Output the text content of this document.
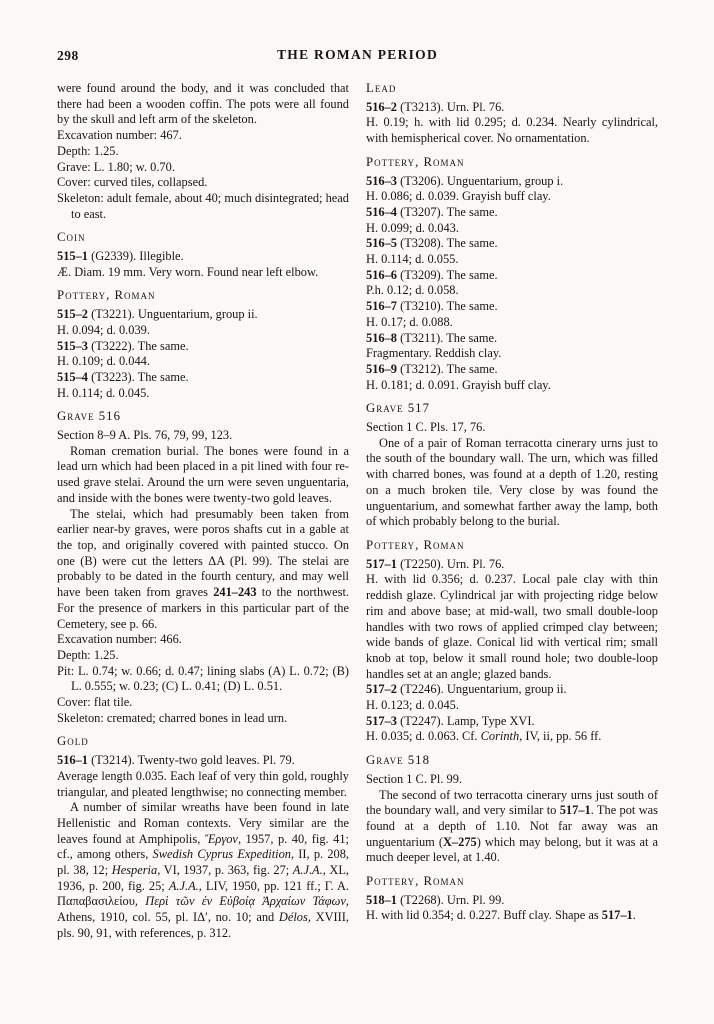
298	THE ROMAN PERIOD
were found around the body, and it was concluded that there had been a wooden coffin. The pots were all found by the skull and left arm of the skeleton.
Excavation number: 467.
Depth: 1.25.
Grave: L. 1.80; w. 0.70.
Cover: curved tiles, collapsed.
Skeleton: adult female, about 40; much disintegrated; head to east.
Coin
515–1 (G2339). Illegible.
Æ. Diam. 19 mm. Very worn. Found near left elbow.
Pottery, Roman
515–2 (T3221). Unguentarium, group ii.
H. 0.094; d. 0.039.
515–3 (T3222). The same.
H. 0.109; d. 0.044.
515–4 (T3223). The same.
H. 0.114; d. 0.045.
Grave 516
Section 8–9 A. Pls. 76, 79, 99, 123.
Roman cremation burial. The bones were found in a lead urn which had been placed in a pit lined with four re-used grave stelai. Around the urn were seven unguentaria, and inside with the bones were twenty-two gold leaves.
The stelai, which had presumably been taken from earlier near-by graves, were poros shafts cut in a gable at the top, and originally covered with painted stucco. On one (B) were cut the letters ΔΑ (Pl. 99). The stelai are probably to be dated in the fourth century, and may well have been taken from graves 241–243 to the northwest. For the presence of markers in this particular part of the Cemetery, see p. 66.
Excavation number: 466.
Depth: 1.25.
Pit: L. 0.74; w. 0.66; d. 0.47; lining slabs (A) L. 0.72; (B) L. 0.555; w. 0.23; (C) L. 0.41; (D) L. 0.51.
Cover: flat tile.
Skeleton: cremated; charred bones in lead urn.
Gold
516–1 (T3214). Twenty-two gold leaves. Pl. 79.
Average length 0.035. Each leaf of very thin gold, roughly triangular, and pleated lengthwise; no connecting member.
A number of similar wreaths have been found in late Hellenistic and Roman contexts. Very similar are the leaves found at Amphipolis, Ἔργον, 1957, p. 40, fig. 41; cf., among others, Swedish Cyprus Expedition, II, p. 208, pl. 38, 12; Hesperia, VI, 1937, p. 363, fig. 27; A.J.A., XL, 1936, p. 200, fig. 25; A.J.A., LIV, 1950, pp. 121 ff.; Γ. Α. Παπαβασιλείου, Περὶ τῶν ἐν Εὐβοίᾳ Ἀρχαίων Τάφων, Athens, 1910, col. 55, pl. ΙΔ′, no. 10; and Délos, XVIII, pls. 90, 91, with references, p. 312.
Lead
516–2 (T3213). Urn. Pl. 76.
H. 0.19; h. with lid 0.295; d. 0.234. Nearly cylindrical, with hemispherical cover. No ornamentation.
Pottery, Roman
516–3 (T3206). Unguentarium, group i.
H. 0.086; d. 0.039. Grayish buff clay.
516–4 (T3207). The same.
H. 0.099; d. 0.043.
516–5 (T3208). The same.
H. 0.114; d. 0.055.
516–6 (T3209). The same.
P.h. 0.12; d. 0.058.
516–7 (T3210). The same.
H. 0.17; d. 0.088.
516–8 (T3211). The same.
Fragmentary. Reddish clay.
516–9 (T3212). The same.
H. 0.181; d. 0.091. Grayish buff clay.
Grave 517
Section 1 C. Pls. 17, 76.
One of a pair of Roman terracotta cinerary urns just to the south of the boundary wall. The urn, which was filled with charred bones, was found at a depth of 1.20, resting on a much broken tile. Very close by was found the unguentarium, and somewhat farther away the lamp, both of which probably belong to the burial.
Pottery, Roman
517–1 (T2250). Urn. Pl. 76.
H. with lid 0.356; d. 0.237. Local pale clay with thin reddish glaze. Cylindrical jar with projecting ridge below rim and above base; at mid-wall, two small double-loop handles with two rows of applied crimped clay between; wide bands of glaze. Conical lid with vertical rim; small knob at top, below it small round hole; two double-loop handles set at an angle; glazed bands.
517–2 (T2246). Unguentarium, group ii.
H. 0.123; d. 0.045.
517–3 (T2247). Lamp, Type XVI.
H. 0.035; d. 0.063. Cf. Corinth, IV, ii, pp. 56 ff.
Grave 518
Section 1 C. Pl. 99.
The second of two terracotta cinerary urns just south of the boundary wall, and very similar to 517–1. The pot was found at a depth of 1.10. Not far away was an unguentarium (X–275) which may belong, but it was at a much deeper level, at 1.40.
Pottery, Roman
518–1 (T2268). Urn. Pl. 99.
H. with lid 0.354; d. 0.227. Buff clay. Shape as 517–1.
